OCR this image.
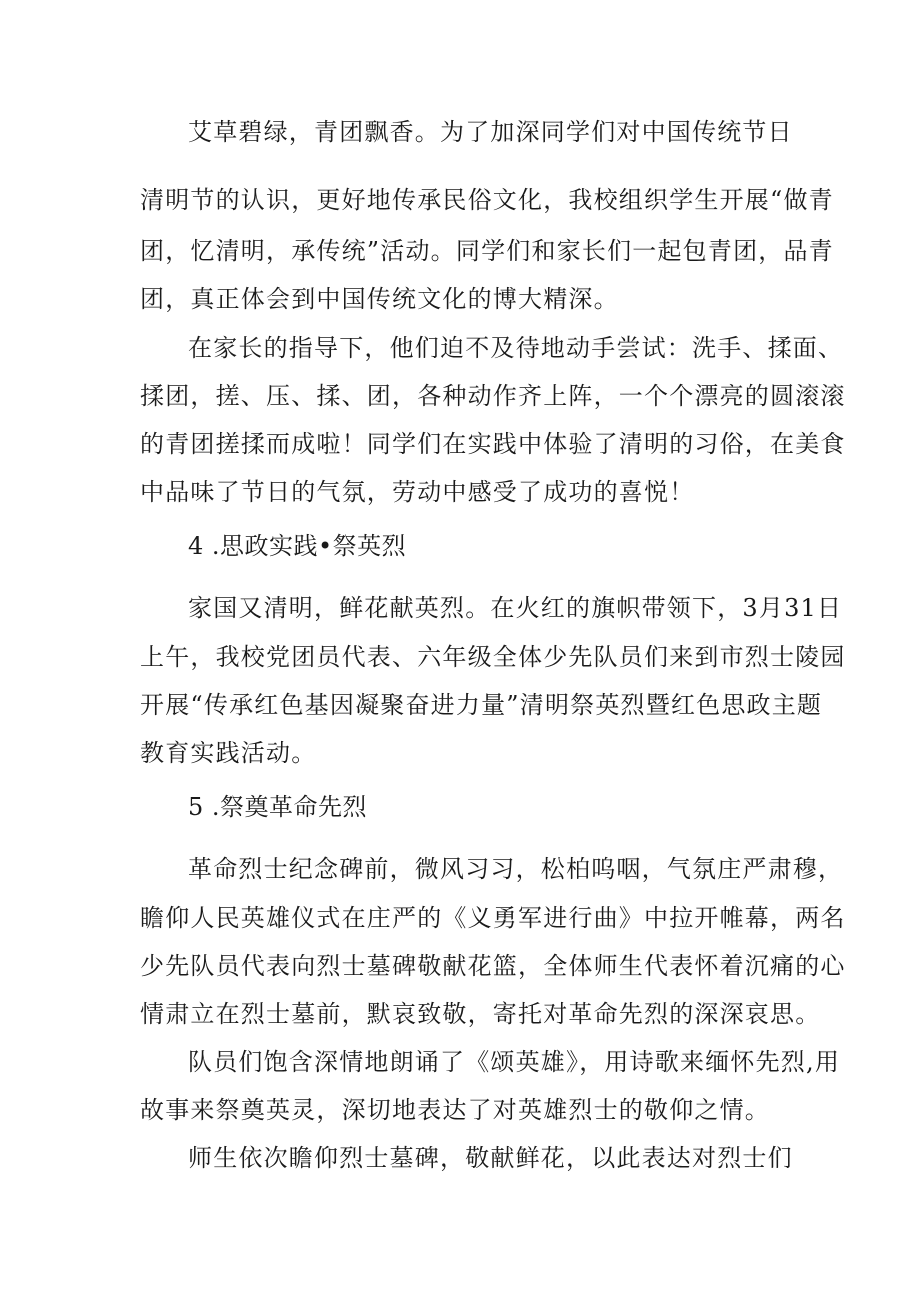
艾草碧绿，青团飘香。为了加深同学们对中国传统节日
清明节的认识，更好地传承民俗文化，我校组织学生开展“做青
团，忆清明，承传统”活动。同学们和家长们一起包青团，品青
团，真正体会到中国传统文化的博大精深。
在家长的指导下，他们迫不及待地动手尝试：洗手、揉面、
揉团，搓、压、揉、团，各种动作齐上阵，一个个漂亮的圆滚滚
的青团搓揉而成啦！同学们在实践中体验了清明的习俗，在美食
中品味了节日的气氛，劳动中感受了成功的喜悦！
4 .思政实践•祭英烈
家国又清明，鲜花献英烈。在火红的旗帜带领下，3月31日
上午，我校党团员代表、六年级全体少先队员们来到市烈士陵园
开展“传承红色基因凝聚奋进力量”清明祭英烈暨红色思政主题
教育实践活动。
5 .祭奠革命先烈
革命烈士纪念碑前，微风习习，松柏呜咽，气氛庄严肃穆，
瞻仰人民英雄仪式在庄严的《义勇军进行曲》中拉开帷幕，两名
少先队员代表向烈士墓碑敬献花篮，全体师生代表怀着沉痛的心
情肃立在烈士墓前，默哀致敬，寄托对革命先烈的深深哀思。
队员们饱含深情地朗诵了《颂英雄》，用诗歌来缅怀先烈,用
故事来祭奠英灵，深切地表达了对英雄烈士的敬仰之情。
师生依次瞻仰烈士墓碑，敬献鲜花，以此表达对烈士们
